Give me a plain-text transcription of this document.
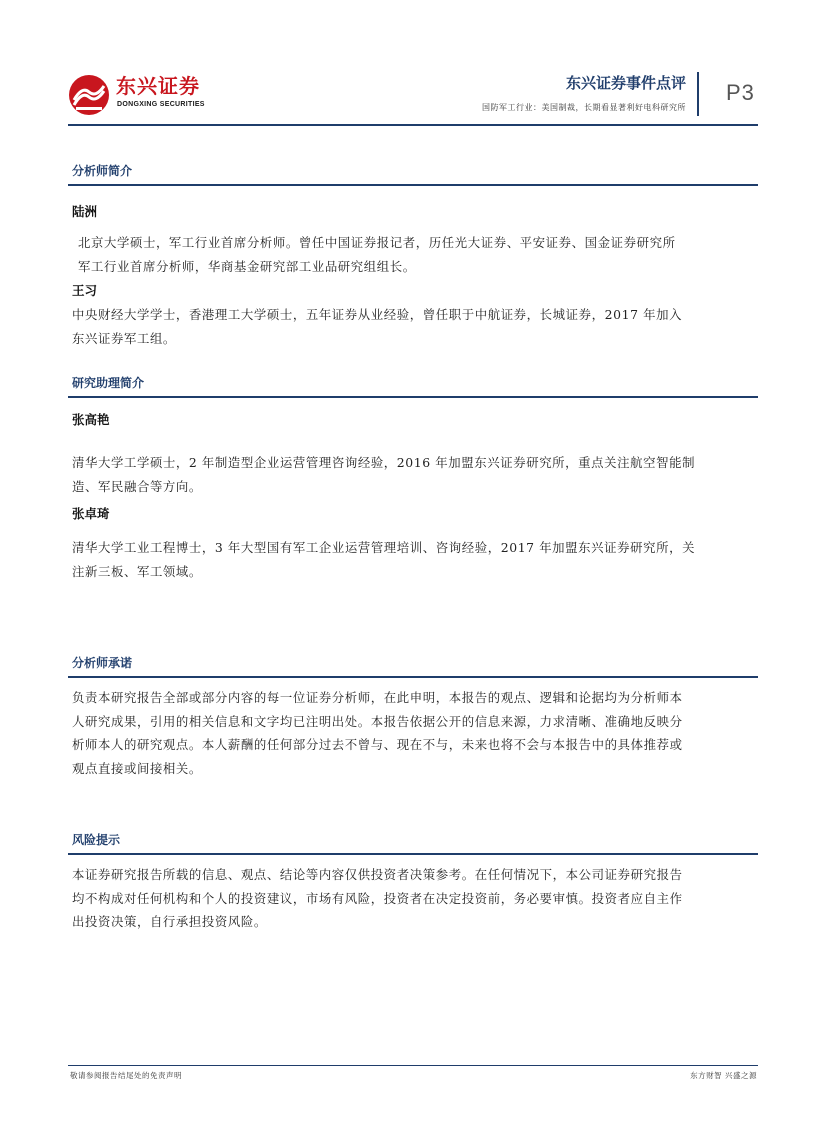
东兴证券
DONGXING SECURITIES
东兴证券事件点评
国防军工行业：美国制裁，长期看显著利好电科研究所
P3
分析师简介
陆洲
北京大学硕士，军工行业首席分析师。曾任中国证券报记者，历任光大证券、平安证券、国金证券研究所
军工行业首席分析师，华商基金研究部工业品研究组组长。
王习
中央财经大学学士，香港理工大学硕士，五年证券从业经验，曾任职于中航证券，长城证券，2017 年加入
东兴证券军工组。
研究助理简介
张高艳
清华大学工学硕士，2 年制造型企业运营管理咨询经验，2016 年加盟东兴证券研究所，重点关注航空智能制
造、军民融合等方向。
张卓琦
清华大学工业工程博士，3 年大型国有军工企业运营管理培训、咨询经验，2017 年加盟东兴证券研究所，关
注新三板、军工领域。
分析师承诺
负责本研究报告全部或部分内容的每一位证券分析师，在此申明，本报告的观点、逻辑和论据均为分析师本
人研究成果，引用的相关信息和文字均已注明出处。本报告依据公开的信息来源，力求清晰、准确地反映分
析师本人的研究观点。本人薪酬的任何部分过去不曾与、现在不与，未来也将不会与本报告中的具体推荐或
观点直接或间接相关。
风险提示
本证券研究报告所载的信息、观点、结论等内容仅供投资者决策参考。在任何情况下，本公司证券研究报告
均不构成对任何机构和个人的投资建议，市场有风险，投资者在决定投资前，务必要审慎。投资者应自主作
出投资决策，自行承担投资风险。
敬请参阅报告结尾处的免责声明	东方财智 兴盛之源
